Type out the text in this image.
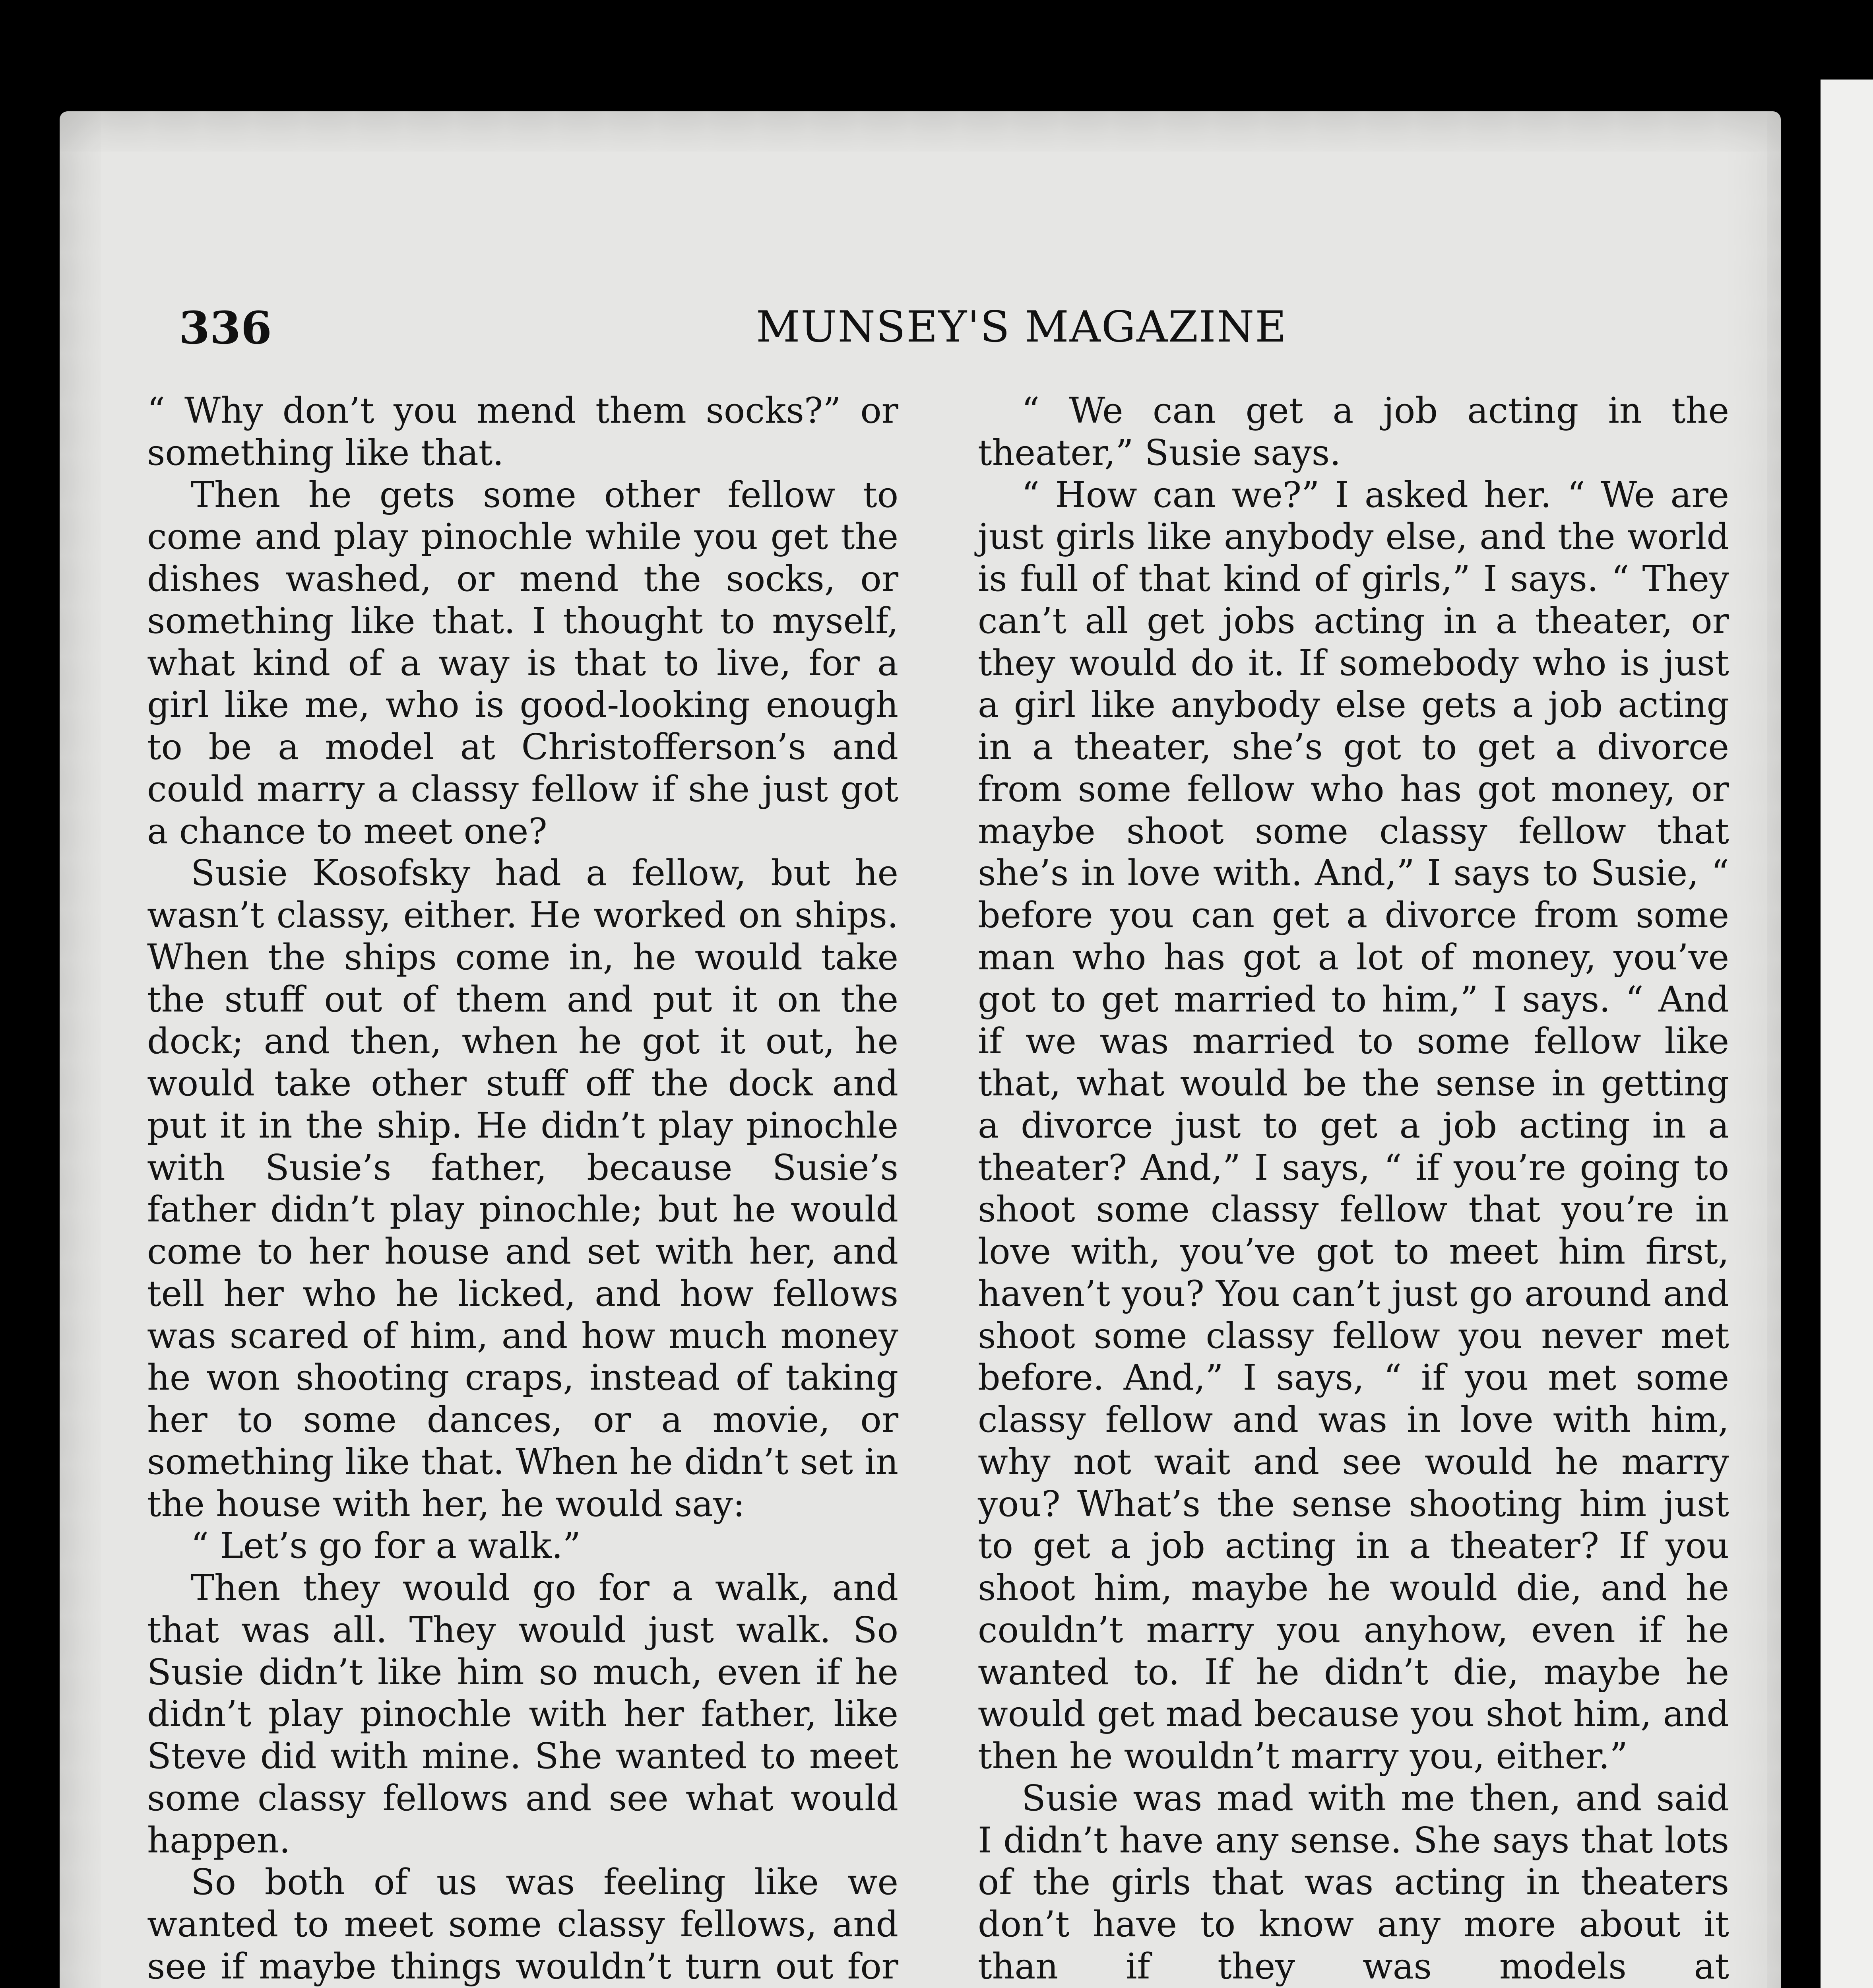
336	MUNSEY'S MAGAZINE

“ Why don’t you mend them socks?” or something like that.

Then he gets some other fellow to come and play pinochle while you get the dishes washed, or mend the socks, or something like that. I thought to myself, what kind of a way is that to live, for a girl like me, who is good-looking enough to be a model at Christofferson’s and could marry a classy fellow if she just got a chance to meet one?

Susie Kosofsky had a fellow, but he wasn’t classy, either. He worked on ships. When the ships come in, he would take the stuff out of them and put it on the dock; and then, when he got it out, he would take other stuff off the dock and put it in the ship. He didn’t play pinochle with Susie’s father, because Susie’s father didn’t play pinochle; but he would come to her house and set with her, and tell her who he licked, and how fellows was scared of him, and how much money he won shooting craps, instead of taking her to some dances, or a movie, or something like that. When he didn’t set in the house with her, he would say:

“ Let’s go for a walk.”

Then they would go for a walk, and that was all. They would just walk. So Susie didn’t like him so much, even if he didn’t play pinochle with her father, like Steve did with mine. She wanted to meet some classy fellows and see what would happen.

So both of us was feeling like we wanted to meet some classy fellows, and see if maybe things wouldn’t turn out for

“ We can get a job acting in the theater,” Susie says.

“ How can we?” I asked her. “ We are just girls like anybody else, and the world is full of that kind of girls,” I says. “ They can’t all get jobs acting in a theater, or they would do it. If somebody who is just a girl like anybody else gets a job acting in a theater, she’s got to get a divorce from some fellow who has got money, or maybe shoot some classy fellow that she’s in love with. And,” I says to Susie, “ before you can get a divorce from some man who has got a lot of money, you’ve got to get married to him,” I says. “ And if we was married to some fellow like that, what would be the sense in getting a divorce just to get a job acting in a theater? And,” I says, “ if you’re going to shoot some classy fellow that you’re in love with, you’ve got to meet him first, haven’t you? You can’t just go around and shoot some classy fellow you never met before. And,” I says, “ if you met some classy fellow and was in love with him, why not wait and see would he marry you? What’s the sense shooting him just to get a job acting in a theater? If you shoot him, maybe he would die, and he couldn’t marry you anyhow, even if he wanted to. If he didn’t die, maybe he would get mad because you shot him, and then he wouldn’t marry you, either.”

Susie was mad with me then, and said I didn’t have any sense. She says that lots of the girls that was acting in theaters don’t have to know any more about it than if they was models at
